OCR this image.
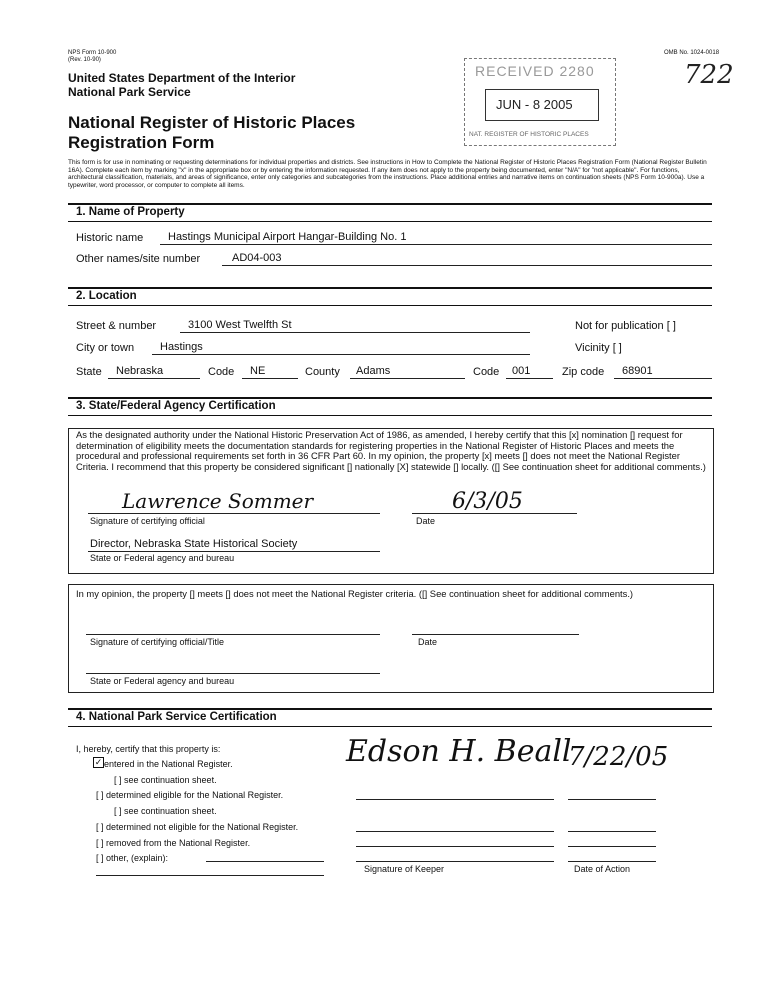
NPS Form 10-900
(Rev. 10-90)
OMB No. 1024-0018
722
United States Department of the Interior
National Park Service
National Register of Historic Places
Registration Form
RECEIVED 2280
JUN - 8 2005
NAT. REGISTER OF HISTORIC PLACES
This form is for use in nominating or requesting determinations for individual properties and districts. See instructions in How to Complete the National Register of Historic Places Registration Form (National Register Bulletin 16A). Complete each item by marking "x" in the appropriate box or by entering the information requested. If any item does not apply to the property being documented, enter "N/A" for "not applicable". For functions, architectural classification, materials, and areas of significance, enter only categories and subcategories from the instructions. Place additional entries and narrative items on continuation sheets (NPS Form 10-900a). Use a typewriter, word processor, or computer to complete all items.
1. Name of Property
Historic name Hastings Municipal Airport Hangar-Building No. 1
Other names/site number	AD04-003
2. Location
Street & number	3100 West Twelfth St	Not for publication [ ]
City or town Hastings	Vicinity [ ]
State Nebraska	Code NE	County Adams	Code 001	Zip code 68901
3. State/Federal Agency Certification
As the designated authority under the National Historic Preservation Act of 1986, as amended, I hereby certify that this [x] nomination [] request for determination of eligibility meets the documentation standards for registering properties in the National Register of Historic Places and meets the procedural and professional requirements set forth in 36 CFR Part 60. In my opinion, the property [x] meets [] does not meet the National Register Criteria. I recommend that this property be considered significant [] nationally [X] statewide [] locally. ([] See continuation sheet for additional comments.)
Lawrence Sommer
Signature of certifying official
6/3/05
Date
Director, Nebraska State Historical Society
State or Federal agency and bureau
In my opinion, the property [] meets [] does not meet the National Register criteria. ([] See continuation sheet for additional comments.)
Signature of certifying official/Title	Date
State or Federal agency and bureau
4. National Park Service Certification
I, hereby, certify that this property is:
✓ entered in the National Register.
[ ] see continuation sheet.
[ ] determined eligible for the National Register.
[ ] see continuation sheet.
[ ] determined not eligible for the National Register.
[ ] removed from the National Register.
[ ] other, (explain):
Edson H. Beall
7/22/05
Signature of Keeper	Date of Action
